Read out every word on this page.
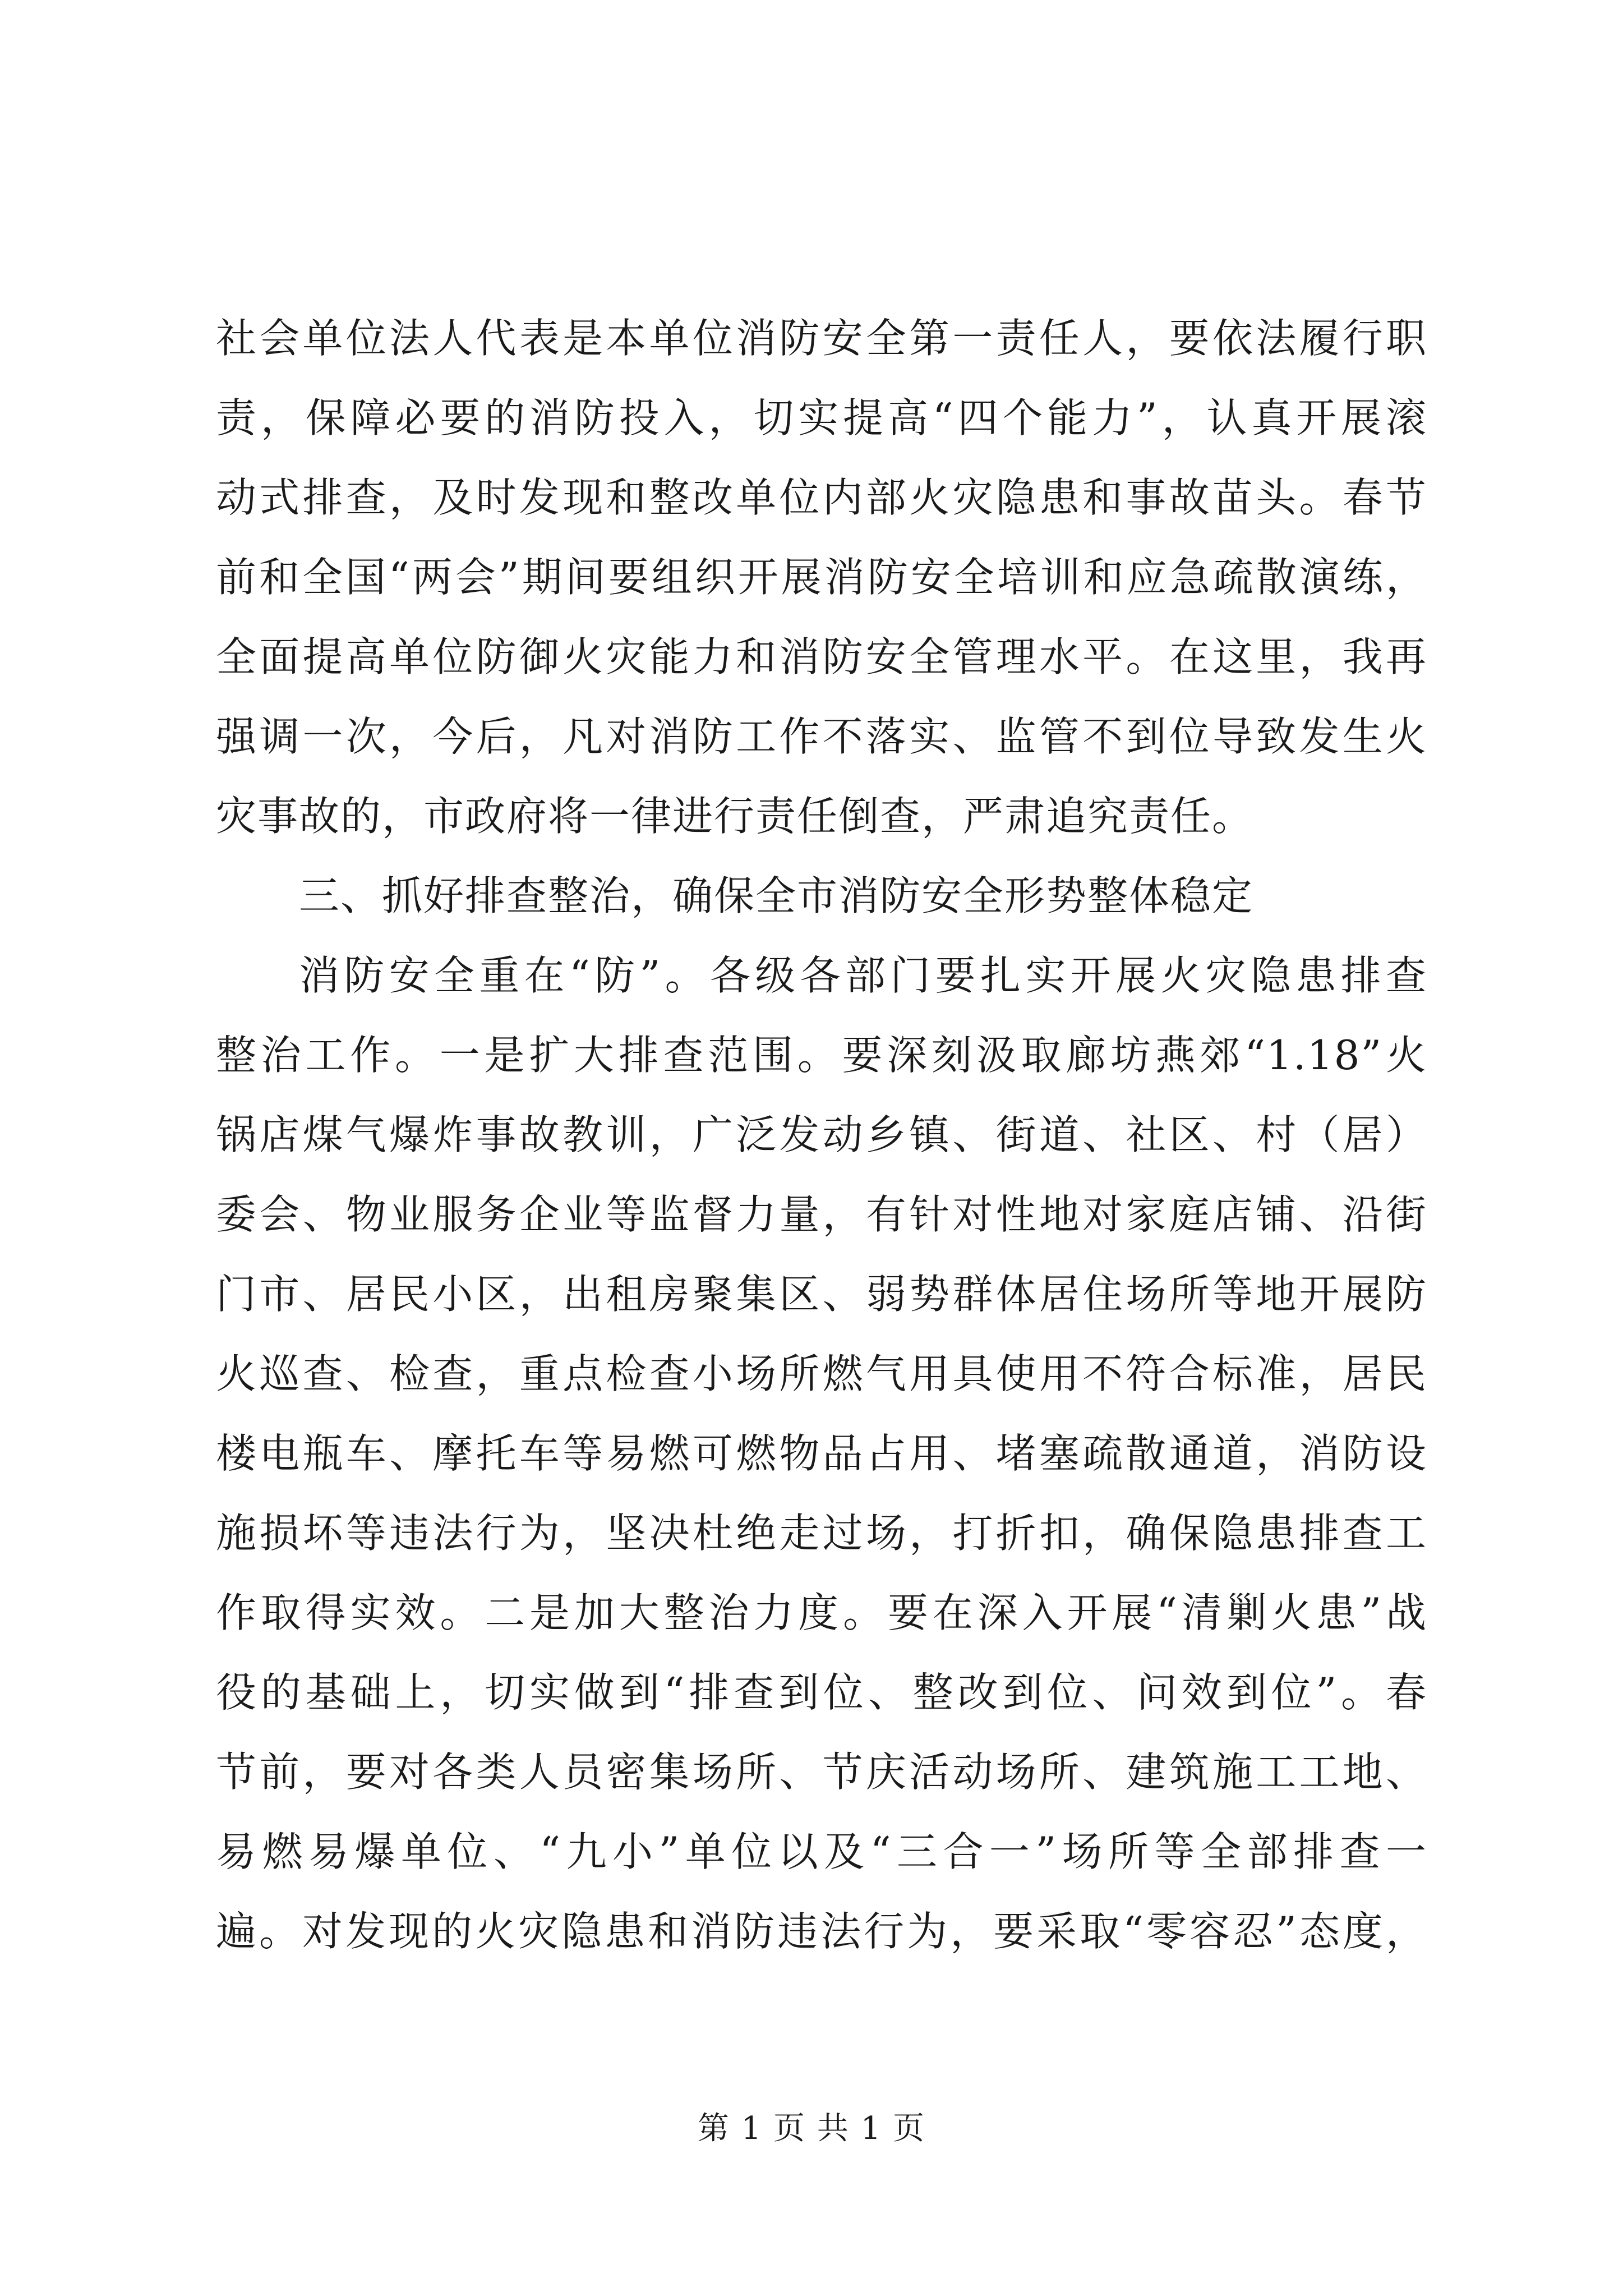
社会单位法人代表是本单位消防安全第一责任人，要依法履行职
责，保障必要的消防投入，切实提高“四个能力”，认真开展滚
动式排查，及时发现和整改单位内部火灾隐患和事故苗头。春节
前和全国“两会”期间要组织开展消防安全培训和应急疏散演练，
全面提高单位防御火灾能力和消防安全管理水平。在这里，我再
强调一次，今后，凡对消防工作不落实、监管不到位导致发生火
灾事故的，市政府将一律进行责任倒查，严肃追究责任。
三、抓好排查整治，确保全市消防安全形势整体稳定
消防安全重在“防”。各级各部门要扎实开展火灾隐患排查
整治工作。一是扩大排查范围。要深刻汲取廊坊燕郊“1.18”火
锅店煤气爆炸事故教训，广泛发动乡镇、街道、社区、村（居）
委会、物业服务企业等监督力量，有针对性地对家庭店铺、沿街
门市、居民小区，出租房聚集区、弱势群体居住场所等地开展防
火巡查、检查，重点检查小场所燃气用具使用不符合标准，居民
楼电瓶车、摩托车等易燃可燃物品占用、堵塞疏散通道，消防设
施损坏等违法行为，坚决杜绝走过场，打折扣，确保隐患排查工
作取得实效。二是加大整治力度。要在深入开展“清剿火患”战
役的基础上，切实做到“排查到位、整改到位、问效到位”。春
节前，要对各类人员密集场所、节庆活动场所、建筑施工工地、
易燃易爆单位、“九小”单位以及“三合一”场所等全部排查一
遍。对发现的火灾隐患和消防违法行为，要采取“零容忍”态度，
第 1 页 共 1 页
